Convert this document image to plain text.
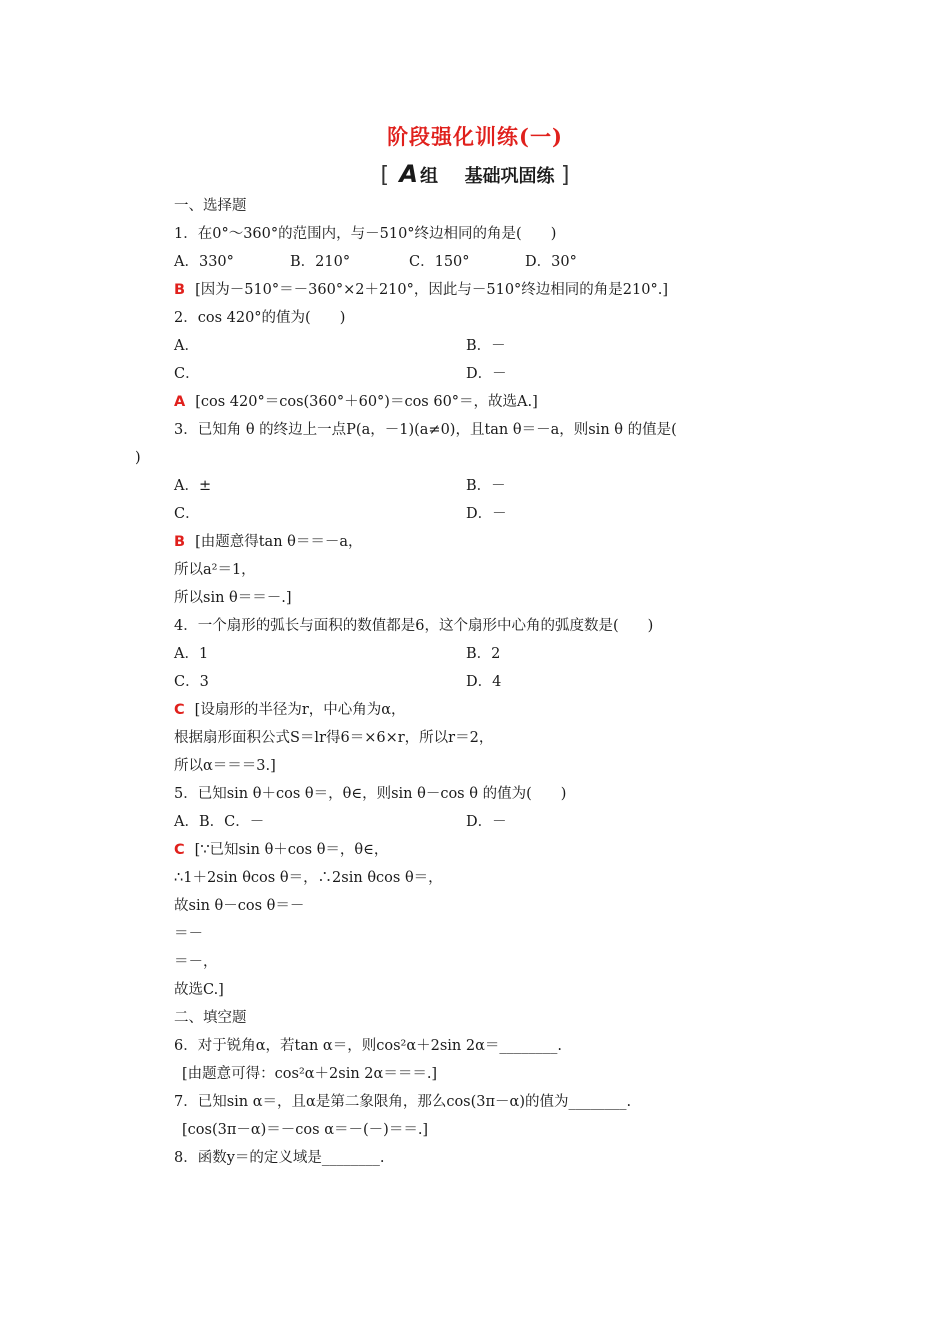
阶段强化训练(一)
[ A 组 基础巩固练 ]
一、选择题
1．在0°～360°的范围内，与－510°终边相同的角是(　　)
A．330°	B．210°	C．150°	D．30°
B [因为－510°＝－360°×2＋210°，因此与－510°终边相同的角是210°.]
2．cos 420°的值为(　　)
A．	B．－
C．	D．－
A [cos 420°＝cos(360°＋60°)＝cos 60°＝，故选A.]
3．已知角 θ 的终边上一点P(a，－1)(a≠0)，且tan θ＝－a，则sin θ 的值是(
)
A．±	B．－
C．	D．－
B [由题意得tan θ＝＝－a，
所以a²＝1，
所以sin θ＝＝－.]
4．一个扇形的弧长与面积的数值都是6，这个扇形中心角的弧度数是(　　)
A．1	B．2
C．3	D．4
C [设扇形的半径为r，中心角为α，
根据扇形面积公式S＝lr得6＝×6×r，所以r＝2，
所以α＝＝＝3.]
5．已知sin θ＋cos θ＝，θ∈，则sin θ－cos θ 的值为(　　)
A．B．C．－	D．－
C [∵已知sin θ＋cos θ＝，θ∈，
∴1＋2sin θcos θ＝，∴2sin θcos θ＝，
故sin θ－cos θ＝－
＝－
＝－，
故选C.]
二、填空题
6．对于锐角α，若tan α＝，则cos²α＋2sin 2α＝________.
[由题意可得：cos²α＋2sin 2α＝＝＝.]
7．已知sin α＝，且α是第二象限角，那么cos(3π－α)的值为________.
[cos(3π－α)＝－cos α＝－(－)＝＝.]
8．函数y＝的定义域是________.
